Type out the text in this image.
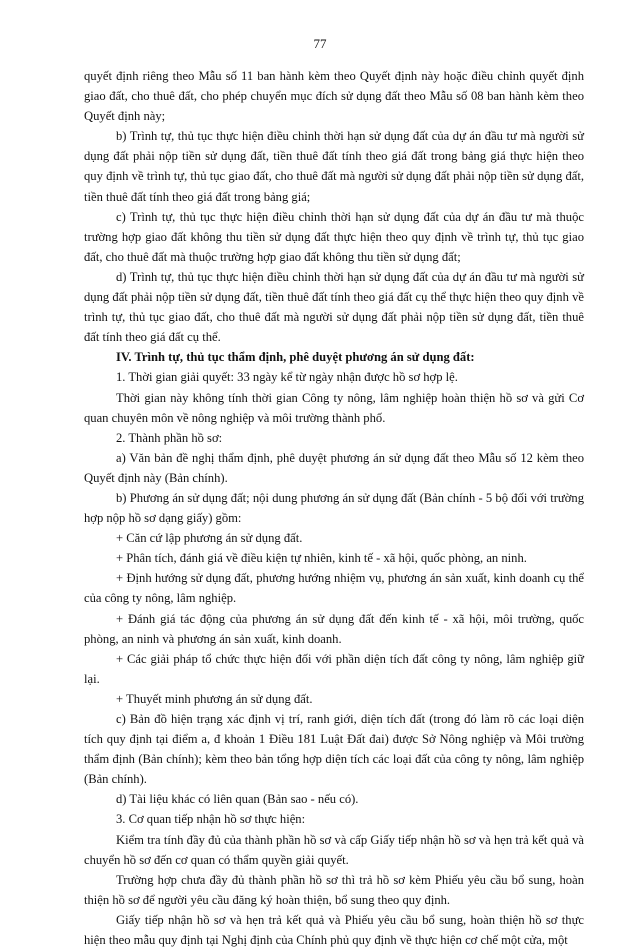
77

quyết định riêng theo Mẫu số 11 ban hành kèm theo Quyết định này hoặc điều chỉnh quyết định giao đất, cho thuê đất, cho phép chuyển mục đích sử dụng đất theo Mẫu số 08 ban hành kèm theo Quyết định này;

b) Trình tự, thủ tục thực hiện điều chỉnh thời hạn sử dụng đất của dự án đầu tư mà người sử dụng đất phải nộp tiền sử dụng đất, tiền thuê đất tính theo giá đất trong bảng giá thực hiện theo quy định về trình tự, thủ tục giao đất, cho thuê đất mà người sử dụng đất phải nộp tiền sử dụng đất, tiền thuê đất tính theo giá đất trong bảng giá;

c) Trình tự, thủ tục thực hiện điều chỉnh thời hạn sử dụng đất của dự án đầu tư mà thuộc trường hợp giao đất không thu tiền sử dụng đất thực hiện theo quy định về trình tự, thủ tục giao đất, cho thuê đất mà thuộc trường hợp giao đất không thu tiền sử dụng đất;

d) Trình tự, thủ tục thực hiện điều chỉnh thời hạn sử dụng đất của dự án đầu tư mà người sử dụng đất phải nộp tiền sử dụng đất, tiền thuê đất tính theo giá đất cụ thể thực hiện theo quy định về trình tự, thủ tục giao đất, cho thuê đất mà người sử dụng đất phải nộp tiền sử dụng đất, tiền thuê đất tính theo giá đất cụ thể.

IV. Trình tự, thủ tục thẩm định, phê duyệt phương án sử dụng đất:

1. Thời gian giải quyết: 33 ngày kể từ ngày nhận được hồ sơ hợp lệ.

Thời gian này không tính thời gian Công ty nông, lâm nghiệp hoàn thiện hồ sơ và gửi Cơ quan chuyên môn về nông nghiệp và môi trường thành phố.

2. Thành phần hồ sơ:

a) Văn bản đề nghị thẩm định, phê duyệt phương án sử dụng đất theo Mẫu số 12 kèm theo Quyết định này (Bản chính).

b) Phương án sử dụng đất; nội dung phương án sử dụng đất (Bản chính - 5 bộ đối với trường hợp nộp hồ sơ dạng giấy) gồm:

+ Căn cứ lập phương án sử dụng đất.

+ Phân tích, đánh giá về điều kiện tự nhiên, kinh tế - xã hội, quốc phòng, an ninh.

+ Định hướng sử dụng đất, phương hướng nhiệm vụ, phương án sản xuất, kinh doanh cụ thể của công ty nông, lâm nghiệp.

+ Đánh giá tác động của phương án sử dụng đất đến kinh tế - xã hội, môi trường, quốc phòng, an ninh và phương án sản xuất, kinh doanh.

+ Các giải pháp tổ chức thực hiện đối với phần diện tích đất công ty nông, lâm nghiệp giữ lại.

+ Thuyết minh phương án sử dụng đất.

c) Bản đồ hiện trạng xác định vị trí, ranh giới, diện tích đất (trong đó làm rõ các loại diện tích quy định tại điểm a, đ khoản 1 Điều 181 Luật Đất đai) được Sở Nông nghiệp và Môi trường thẩm định (Bản chính); kèm theo bản tổng hợp diện tích các loại đất của công ty nông, lâm nghiệp (Bản chính).

d) Tài liệu khác có liên quan (Bản sao - nếu có).

3. Cơ quan tiếp nhận hồ sơ thực hiện:

Kiểm tra tính đầy đủ của thành phần hồ sơ và cấp Giấy tiếp nhận hồ sơ và hẹn trả kết quả và chuyển hồ sơ đến cơ quan có thẩm quyền giải quyết.

Trường hợp chưa đầy đủ thành phần hồ sơ thì trả hồ sơ kèm Phiếu yêu cầu bổ sung, hoàn thiện hồ sơ để người yêu cầu đăng ký hoàn thiện, bổ sung theo quy định.

Giấy tiếp nhận hồ sơ và hẹn trả kết quả và Phiếu yêu cầu bổ sung, hoàn thiện hồ sơ thực hiện theo mẫu quy định tại Nghị định của Chính phủ quy định về thực hiện cơ chế một cửa, một
